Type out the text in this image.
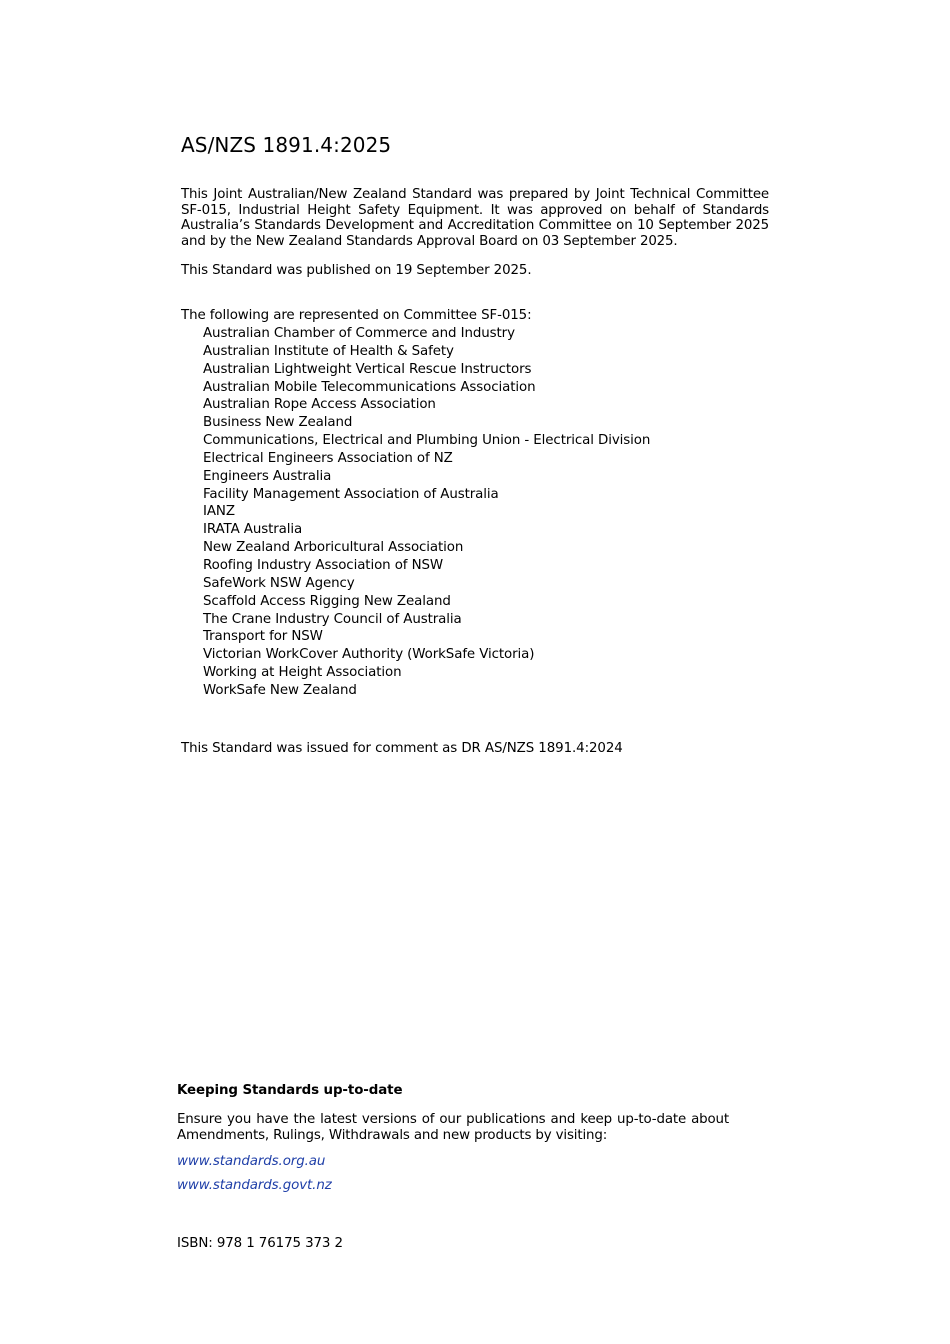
AS/NZS 1891.4:2025
This Joint Australian/New Zealand Standard was prepared by Joint Technical Committee SF-015, Industrial Height Safety Equipment. It was approved on behalf of Standards Australia’s Standards Development and Accreditation Committee on 10 September 2025 and by the New Zealand Standards Approval Board on 03 September 2025.
This Standard was published on 19 September 2025.
The following are represented on Committee SF-015:
Australian Chamber of Commerce and Industry
Australian Institute of Health & Safety
Australian Lightweight Vertical Rescue Instructors
Australian Mobile Telecommunications Association
Australian Rope Access Association
Business New Zealand
Communications, Electrical and Plumbing Union - Electrical Division
Electrical Engineers Association of NZ
Engineers Australia
Facility Management Association of Australia
IANZ
IRATA Australia
New Zealand Arboricultural Association
Roofing Industry Association of NSW
SafeWork NSW Agency
Scaffold Access Rigging New Zealand
The Crane Industry Council of Australia
Transport for NSW
Victorian WorkCover Authority (WorkSafe Victoria)
Working at Height Association
WorkSafe New Zealand
This Standard was issued for comment as DR AS/NZS 1891.4:2024
Keeping Standards up-to-date
Ensure you have the latest versions of our publications and keep up-to-date about Amendments, Rulings, Withdrawals and new products by visiting:
www.standards.org.au
www.standards.govt.nz
ISBN: 978 1 76175 373 2
